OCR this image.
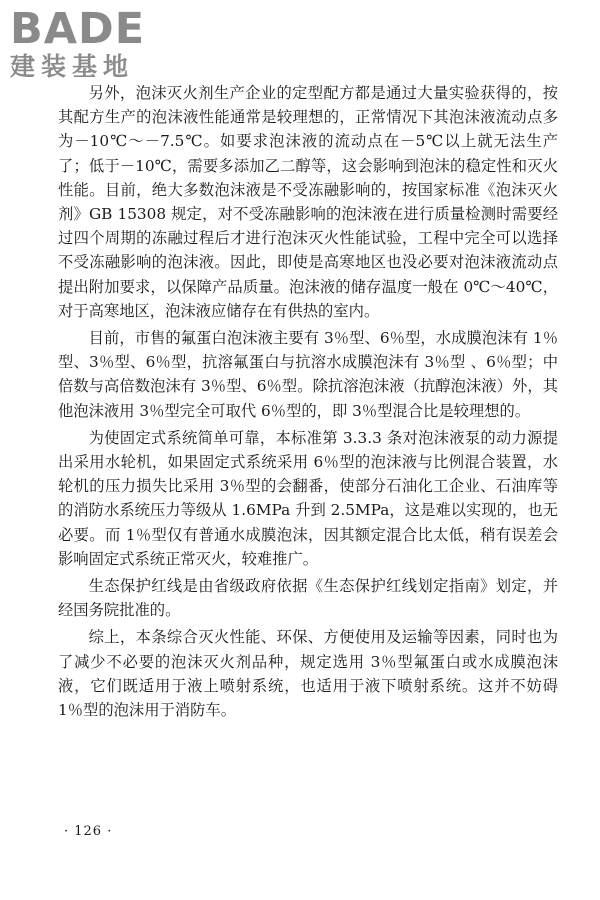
BADE
建装基地

另外，泡沫灭火剂生产企业的定型配方都是通过大量实验获得的，按其配方生产的泡沫液性能通常是较理想的，正常情况下其泡沫液流动点多为－10℃～－7.5℃。如要求泡沫液的流动点在－5℃以上就无法生产了；低于－10℃，需要多添加乙二醇等，这会影响到泡沫的稳定性和灭火性能。目前，绝大多数泡沫液是不受冻融影响的，按国家标准《泡沫灭火剂》GB 15308 规定，对不受冻融影响的泡沫液在进行质量检测时需要经过四个周期的冻融过程后才进行泡沫灭火性能试验，工程中完全可以选择不受冻融影响的泡沫液。因此，即使是高寒地区也没必要对泡沫液流动点提出附加要求，以保障产品质量。泡沫液的储存温度一般在 0℃～40℃，对于高寒地区，泡沫液应储存在有供热的室内。

目前，市售的氟蛋白泡沫液主要有 3％型、6％型，水成膜泡沫有 1％型、3％型、6％型，抗溶氟蛋白与抗溶水成膜泡沫有 3％型 、6％型；中倍数与高倍数泡沫有 3％型、6％型。除抗溶泡沫液（抗醇泡沫液）外，其他泡沫液用 3％型完全可取代 6％型的，即 3％型混合比是较理想的。

为使固定式系统简单可靠，本标准第 3.3.3 条对泡沫液泵的动力源提出采用水轮机，如果固定式系统采用 6％型的泡沫液与比例混合装置，水轮机的压力损失比采用 3％型的会翻番，使部分石油化工企业、石油库等的消防水系统压力等级从 1.6MPa 升到 2.5MPa，这是难以实现的，也无必要。而 1％型仅有普通水成膜泡沫，因其额定混合比太低，稍有误差会影响固定式系统正常灭火，较难推广。

生态保护红线是由省级政府依据《生态保护红线划定指南》划定，并经国务院批准的。

综上，本条综合灭火性能、环保、方便使用及运输等因素，同时也为了减少不必要的泡沫灭火剂品种，规定选用 3％型氟蛋白或水成膜泡沫液，它们既适用于液上喷射系统，也适用于液下喷射系统。这并不妨碍 1％型的泡沫用于消防车。

· 126 ·
